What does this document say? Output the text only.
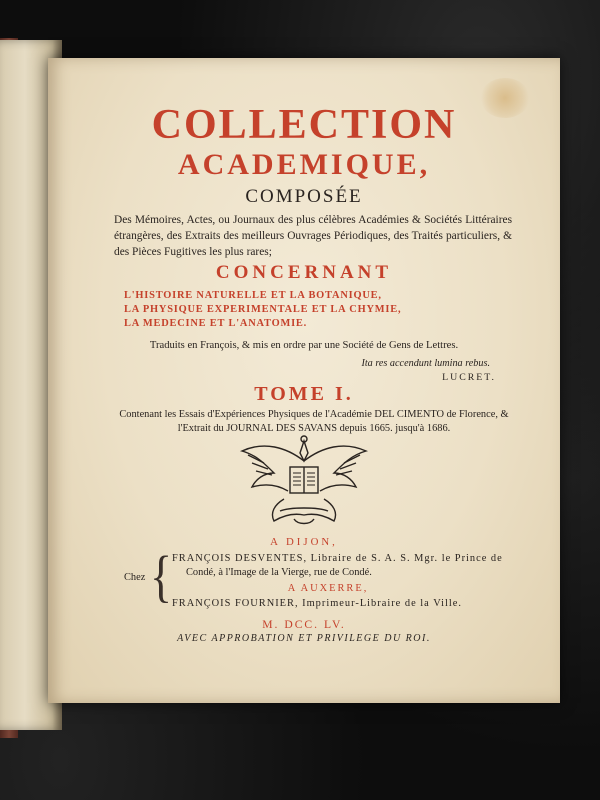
COLLECTION
ACADEMIQUE,
COMPOSÉE
Des Mémoires, Actes, ou Journaux des plus célèbres Académies & Sociétés Littéraires étrangères, des Extraits des meilleurs Ouvrages Périodiques, des Traités particuliers, & des Pièces Fugitives les plus rares;
CONCERNANT
L'HISTOIRE NATURELLE ET LA BOTANIQUE,
LA PHYSIQUE EXPERIMENTALE ET LA CHYMIE,
LA MEDECINE ET L'ANATOMIE.
Traduits en François, & mis en ordre par une Société de Gens de Lettres.
Ita res accendunt lumina rebus.
LUCRET.
TOME I.
Contenant les Essais d'Expériences Physiques de l'Académie DEL CIMENTO de Florence, & l'Extrait du JOURNAL DES SAVANS depuis 1665. jusqu'à 1686.
A DIJON,
Chez { FRANÇOIS DESVENTES, Libraire de S. A. S. Mgr. le Prince de
Condé, à l'Image de la Vierge, rue de Condé.
A AUXERRE,
FRANÇOIS FOURNIER, Imprimeur-Libraire de la Ville.
M. DCC. LV.
AVEC APPROBATION ET PRIVILEGE DU ROI.
